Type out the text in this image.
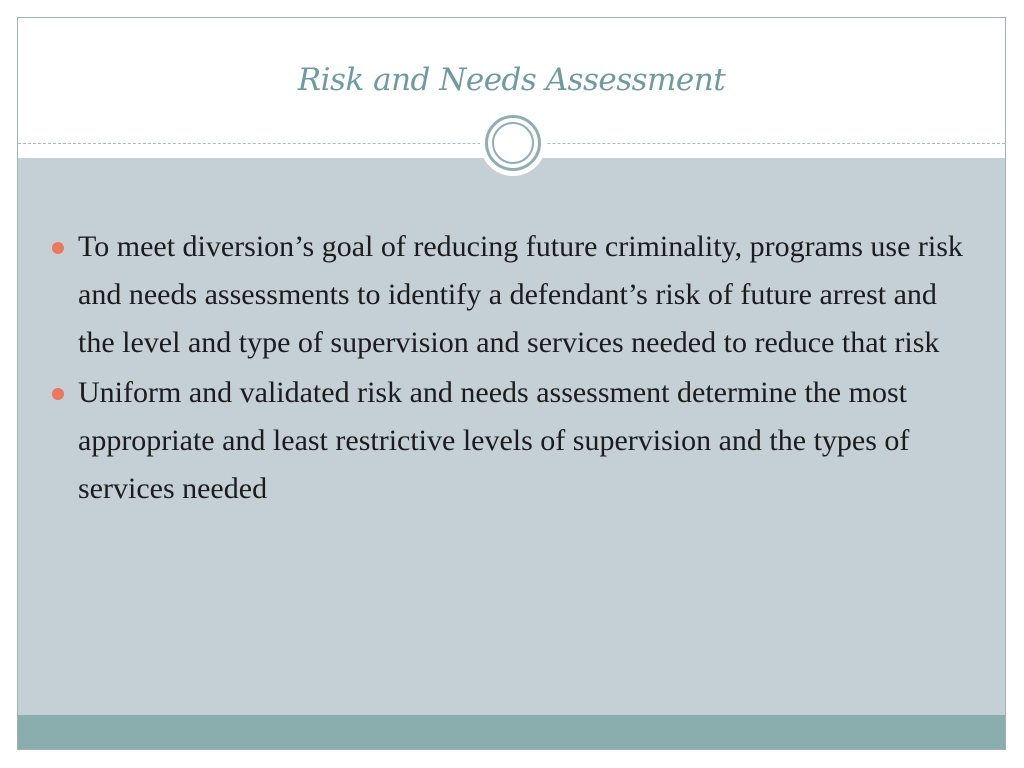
Risk and Needs Assessment
To meet diversion’s goal of reducing future criminality, programs use risk and needs assessments to identify a defendant’s risk of future arrest and the level and type of supervision and services needed to reduce that risk
Uniform and validated risk and needs assessment determine the most appropriate and least restrictive levels of supervision and the types of services needed
